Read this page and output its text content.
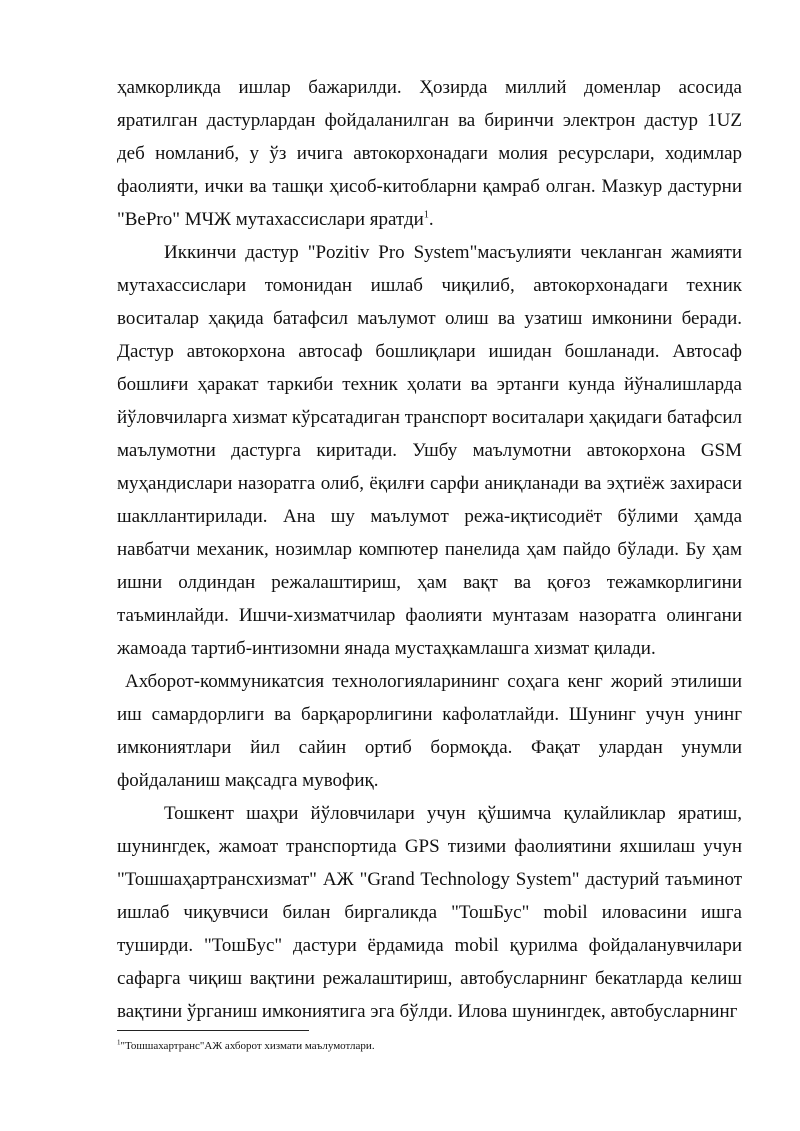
ҳамкорликда ишлар бажарилди. Ҳозирда миллий доменлар асосида яратилган дастурлардан фойдаланилган ва биринчи электрон дастур 1UZ деб номланиб, у ўз ичига автокорхонадаги молия ресурслари, ходимлар фаолияти, ички ва ташқи ҳисоб-китобларни қамраб олган. Мазкур дастурни "BePro" МЧЖ мутахассислари яратди$^1$.

Иккинчи дастур "Pozitiv Pro System"масъулияти чекланган жамияти мутахассислари томонидан ишлаб чиқилиб, автокорхонадаги техник воситалар ҳақида батафсил маълумот олиш ва узатиш имконини беради. Дастур автокорхона автосаф бошлиқлари ишидан бошланади. Автосаф бошлиғи ҳаракат таркиби техник ҳолати ва эртанги кунда йўналишларда йўловчиларга хизмат кўрсатадиган транспорт воситалари ҳақидаги батафсил маълумотни дастурга киритади. Ушбу маълумотни автокорхона GSM муҳандислари назоратга олиб, ёқилғи сарфи аниқланади ва эҳтиёж захираси шакллантирилади. Ана шу маълумот режа-иқтисодиёт бўлими ҳамда навбатчи механик, нозимлар компютер панелида ҳам пайдо бўлади. Бу ҳам ишни олдиндан режалаштириш, ҳам вақт ва қоғоз тежамкорлигини таъминлайди. Ишчи-хизматчилар фаолияти мунтазам назоратга олингани жамоада тартиб-интизомни янада мустаҳкамлашга хизмат қилади.

Ахборот-коммуникатсия технологияларининг соҳага кенг жорий этилиши иш самардорлиги ва барқарорлигини кафолатлайди. Шунинг учун унинг имкониятлари йил сайин ортиб бормоқда. Фақат улардан унумли фойдаланиш мақсадга мувофиқ.

Тошкент шаҳри йўловчилари учун қўшимча қулайликлар яратиш, шунингдек, жамоат транспортида GPS тизими фаолиятини яхшилаш учун "Тошшаҳартрансхизмат" АЖ "Grand Technology System" дастурий таъминот ишлаб чиқувчиси билан биргаликда "ТошБус" mobil иловасини ишга туширди. "ТошБус" дастури ёрдамида mobil қурилма фойдаланувчилари сафарга чиқиш вақтини режалаштириш, автобусларнинг бекатларда келиш вақтини ўрганиш имкониятига эга бўлди. Илова шунингдек, автобусларнинг

$^1$"Тошшахартранс"АЖ ахборот хизмати маълумотлари.
